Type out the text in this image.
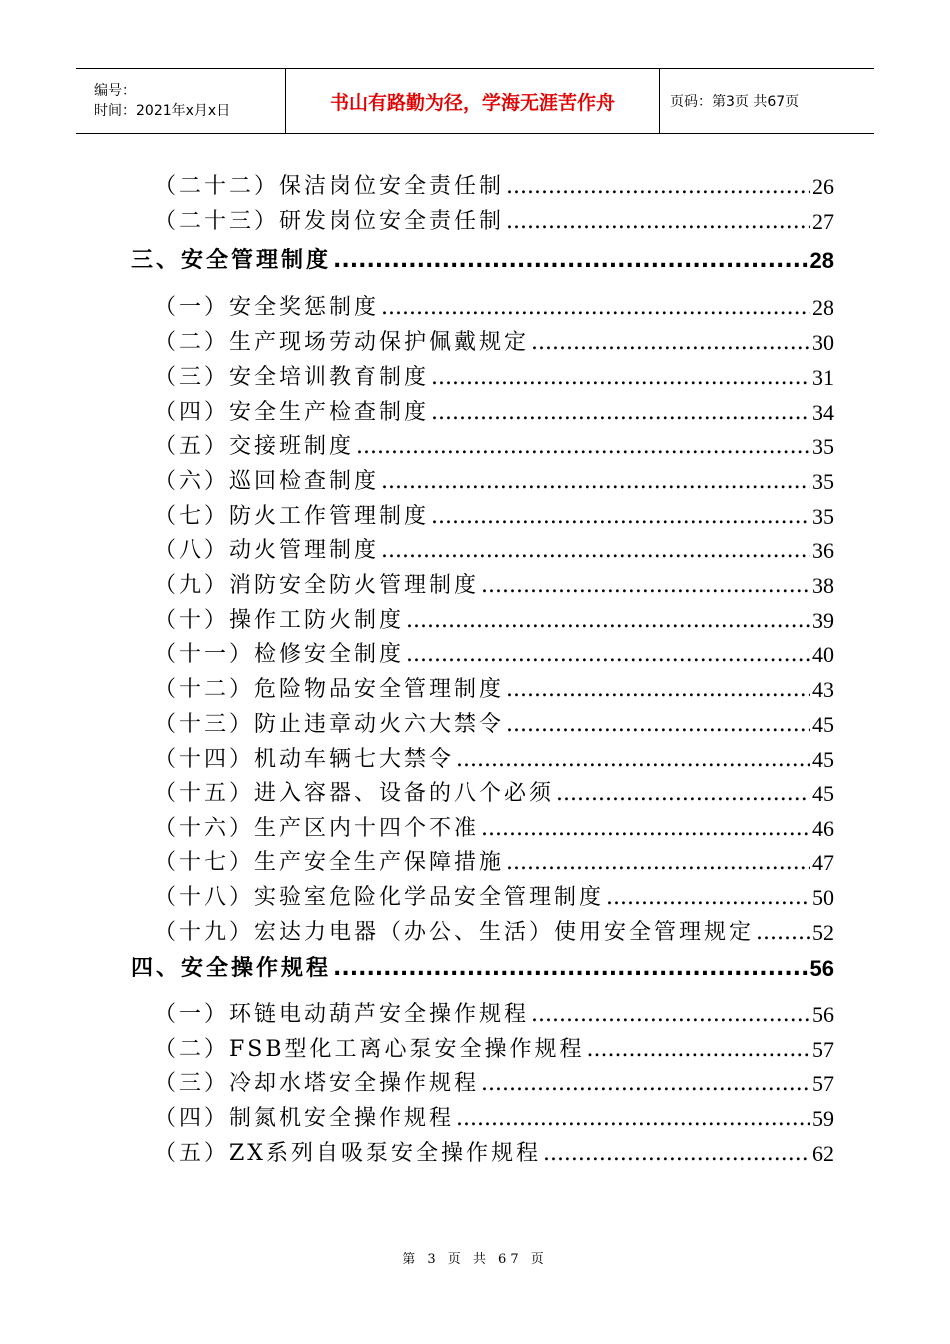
编号：
时间：2021年x月x日	书山有路勤为径，学海无涯苦作舟	页码：第3页 共67页
（二十二）保洁岗位安全责任制 .....	26
（二十三）研发岗位安全责任制 .....	27
三、安全管理制度 .....	28
（一）安全奖惩制度 .....	28
（二）生产现场劳动保护佩戴规定 .....	30
（三）安全培训教育制度 .....	31
（四）安全生产检查制度 .....	34
（五）交接班制度 .....	35
（六）巡回检查制度 .....	35
（七）防火工作管理制度 .....	35
（八）动火管理制度 .....	36
（九）消防安全防火管理制度 .....	38
（十）操作工防火制度 .....	39
（十一）检修安全制度 .....	40
（十二）危险物品安全管理制度 .....	43
（十三）防止违章动火六大禁令 .....	45
（十四）机动车辆七大禁令 .....	45
（十五）进入容器、设备的八个必须 .....	45
（十六）生产区内十四个不准 .....	46
（十七）生产安全生产保障措施 .....	47
（十八）实验室危险化学品安全管理制度 .....	50
（十九）宏达力电器（办公、生活）使用安全管理规定 .....	52
四、安全操作规程 .....	56
（一）环链电动葫芦安全操作规程 .....	56
（二）FSB型化工离心泵安全操作规程 .....	57
（三）冷却水塔安全操作规程 .....	57
（四）制氮机安全操作规程 .....	59
（五）ZX系列自吸泵安全操作规程 .....	62
第 3 页 共 67 页
